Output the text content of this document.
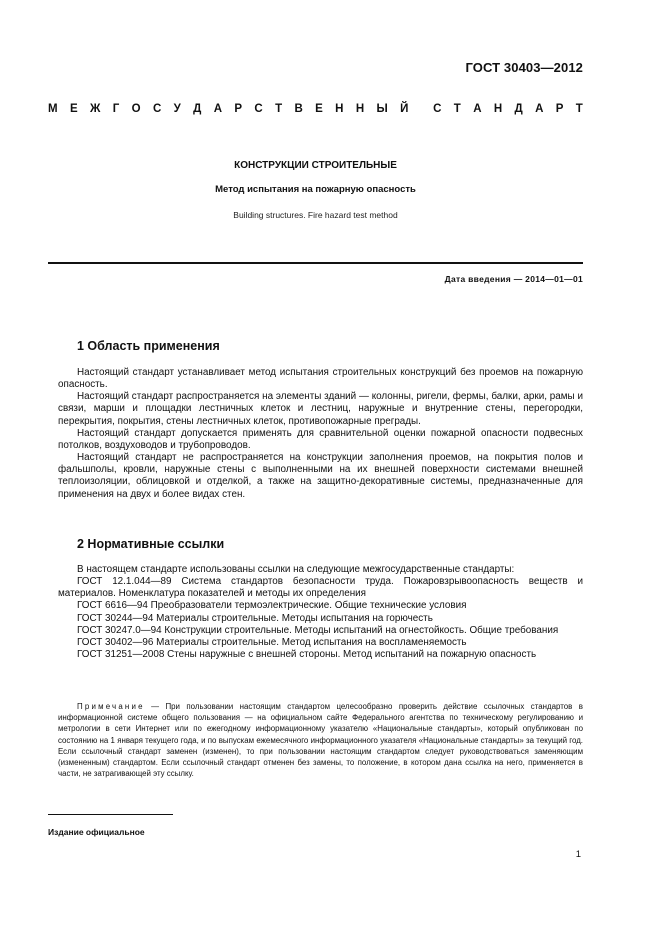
ГОСТ 30403—2012
М Е Ж Г О С У Д А Р С Т В Е Н Н Ы Й С Т А Н Д А Р Т
КОНСТРУКЦИИ СТРОИТЕЛЬНЫЕ
Метод испытания на пожарную опасность
Building structures. Fire hazard test method
Дата введения — 2014—01—01
1 Область применения

Настоящий стандарт устанавливает метод испытания строительных конструкций без проемов на пожарную опасность.

Настоящий стандарт распространяется на элементы зданий — колонны, ригели, фермы, балки, арки, рамы и связи, марши и площадки лестничных клеток и лестниц, наружные и внутренние стены, перегородки, перекрытия, покрытия, стены лестничных клеток, противопожарные преграды.

Настоящий стандарт допускается применять для сравнительной оценки пожарной опасности подвесных потолков, воздуховодов и трубопроводов.

Настоящий стандарт не распространяется на конструкции заполнения проемов, на покрытия полов и фальшполы, кровли, наружные стены с выполненными на их внешней поверхности системами внешней теплоизоляции, облицовкой и отделкой, а также на защитно-декоративные системы, предназначенные для применения на двух и более видах стен.

2 Нормативные ссылки

В настоящем стандарте использованы ссылки на следующие межгосударственные стандарты:

ГОСТ 12.1.044—89 Система стандартов безопасности труда. Пожаровзрывоопасность веществ и материалов. Номенклатура показателей и методы их определения

ГОСТ 6616—94 Преобразователи термоэлектрические. Общие технические условия

ГОСТ 30244—94 Материалы строительные. Методы испытания на горючесть

ГОСТ 30247.0—94 Конструкции строительные. Методы испытаний на огнестойкость. Общие требования

ГОСТ 30402—96 Материалы строительные. Метод испытания на воспламеняемость

ГОСТ 31251—2008 Стены наружные с внешней стороны. Метод испытаний на пожарную опасность

Примечание — При пользовании настоящим стандартом целесообразно проверить действие ссылочных стандартов в информационной системе общего пользования — на официальном сайте Федерального агентства по техническому регулированию и метрологии в сети Интернет или по ежегодному информационному указателю «Национальные стандарты», который опубликован по состоянию на 1 января текущего года, и по выпускам ежемесячного информационного указателя «Национальные стандарты» за текущий год. Если ссылочный стандарт заменен (изменен), то при пользовании настоящим стандартом следует руководствоваться заменяющим (измененным) стандартом. Если ссылочный стандарт отменен без замены, то положение, в котором дана ссылка на него, применяется в части, не затрагивающей эту ссылку.
Издание официальное
1
